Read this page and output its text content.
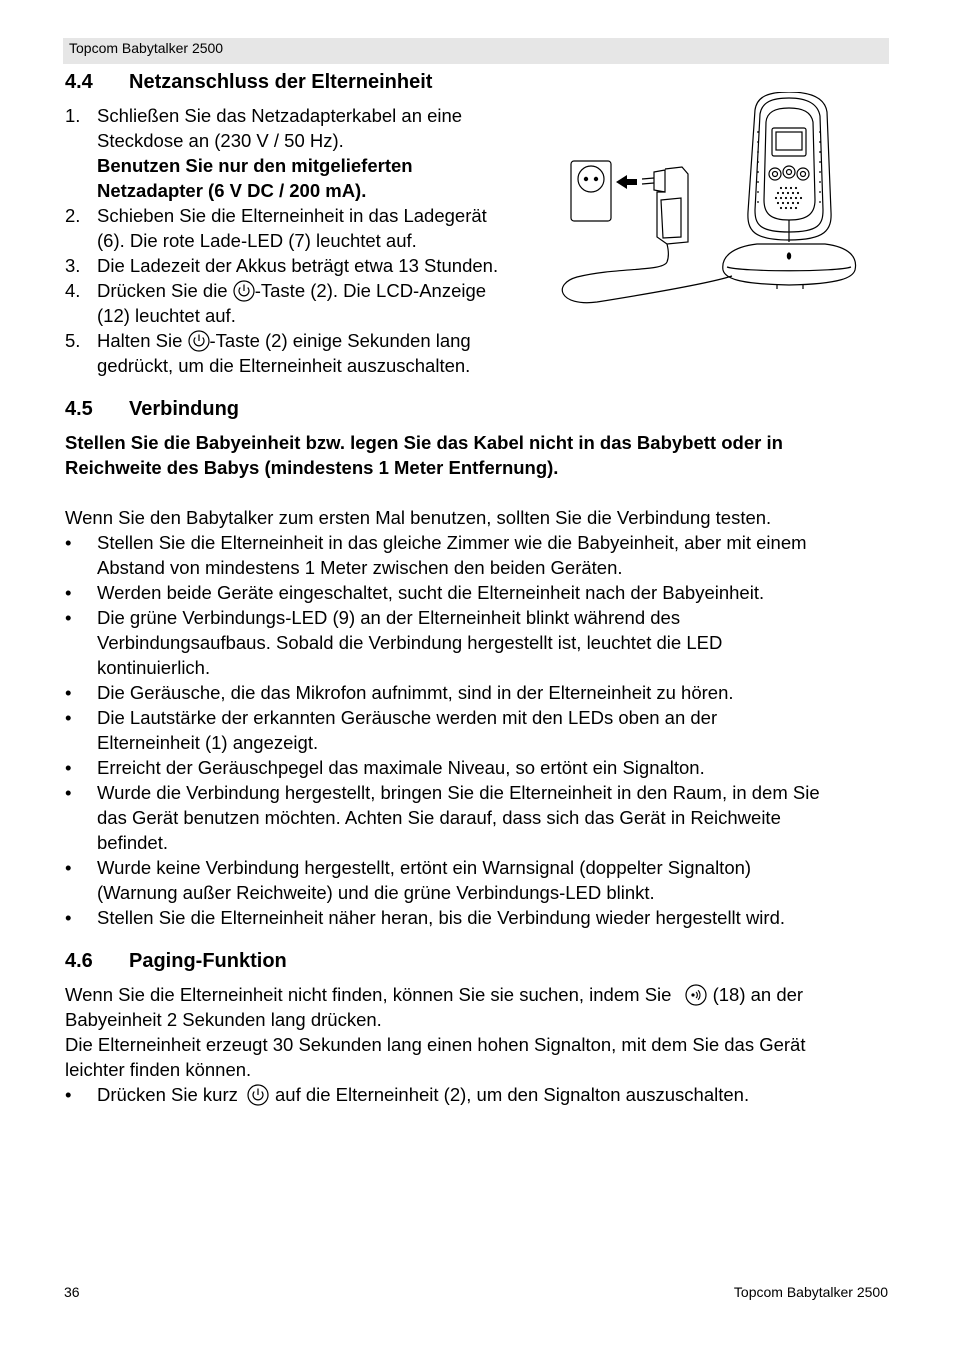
Topcom Babytalker 2500
4.4 Netzanschluss der Elterneinheit
1. Schließen Sie das Netzadapterkabel an eine
Steckdose an (230 V / 50 Hz).
Benutzen Sie nur den mitgelieferten
Netzadapter (6 V DC / 200 mA).
2. Schieben Sie die Elterneinheit in das Ladegerät
(6). Die rote Lade-LED (7) leuchtet auf.
3. Die Ladezeit der Akkus beträgt etwa 13 Stunden.
4. Drücken Sie die -Taste (2). Die LCD-Anzeige
(12) leuchtet auf.
5. Halten Sie -Taste (2) einige Sekunden lang
gedrückt, um die Elterneinheit auszuschalten.
4.5 Verbindung
Stellen Sie die Babyeinheit bzw. legen Sie das Kabel nicht in das Babybett oder in
Reichweite des Babys (mindestens 1 Meter Entfernung).
Wenn Sie den Babytalker zum ersten Mal benutzen, sollten Sie die Verbindung testen.
• Stellen Sie die Elterneinheit in das gleiche Zimmer wie die Babyeinheit, aber mit einem
Abstand von mindestens 1 Meter zwischen den beiden Geräten.
• Werden beide Geräte eingeschaltet, sucht die Elterneinheit nach der Babyeinheit.
• Die grüne Verbindungs-LED (9) an der Elterneinheit blinkt während des
Verbindungsaufbaus. Sobald die Verbindung hergestellt ist, leuchtet die LED
kontinuierlich.
• Die Geräusche, die das Mikrofon aufnimmt, sind in der Elterneinheit zu hören.
• Die Lautstärke der erkannten Geräusche werden mit den LEDs oben an der
Elterneinheit (1) angezeigt.
• Erreicht der Geräuschpegel das maximale Niveau, so ertönt ein Signalton.
• Wurde die Verbindung hergestellt, bringen Sie die Elterneinheit in den Raum, in dem Sie
das Gerät benutzen möchten. Achten Sie darauf, dass sich das Gerät in Reichweite
befindet.
• Wurde keine Verbindung hergestellt, ertönt ein Warnsignal (doppelter Signalton)
(Warnung außer Reichweite) und die grüne Verbindungs-LED blinkt.
• Stellen Sie die Elterneinheit näher heran, bis die Verbindung wieder hergestellt wird.
4.6 Paging-Funktion
Wenn Sie die Elterneinheit nicht finden, können Sie sie suchen, indem Sie (18) an der
Babyeinheit 2 Sekunden lang drücken.
Die Elterneinheit erzeugt 30 Sekunden lang einen hohen Signalton, mit dem Sie das Gerät
leichter finden können.
• Drücken Sie kurz auf die Elterneinheit (2), um den Signalton auszuschalten.
36	Topcom Babytalker 2500
